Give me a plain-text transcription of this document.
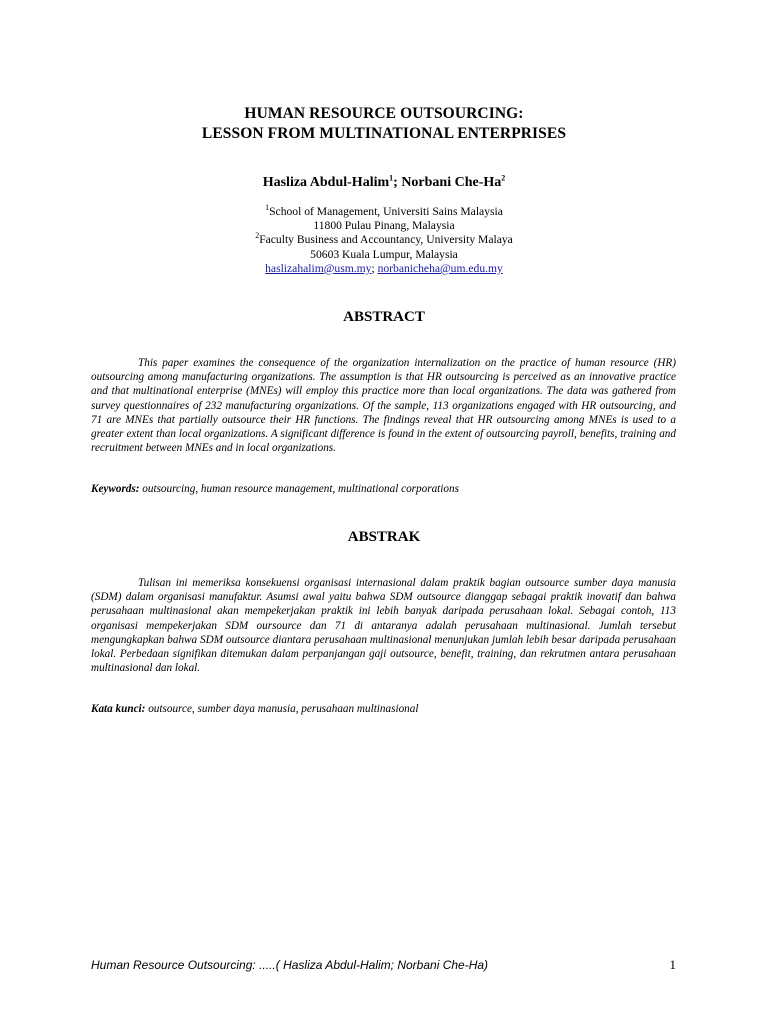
HUMAN RESOURCE OUTSOURCING:
LESSON FROM MULTINATIONAL ENTERPRISES
Hasliza Abdul-Halim$^1$; Norbani Che-Ha$^2$
$^1$School of Management, Universiti Sains Malaysia
11800 Pulau Pinang, Malaysia
$^2$Faculty Business and Accountancy, University Malaya
50603 Kuala Lumpur, Malaysia
haslizahalim@usm.my; norbanicheha@um.edu.my
ABSTRACT
This paper examines the consequence of the organization internalization on the practice of human resource (HR) outsourcing among manufacturing organizations. The assumption is that HR outsourcing is perceived as an innovative practice and that multinational enterprise (MNEs) will employ this practice more than local organizations. The data was gathered from survey questionnaires of 232 manufacturing organizations. Of the sample, 113 organizations engaged with HR outsourcing, and 71 are MNEs that partially outsource their HR functions. The findings reveal that HR outsourcing among MNEs is used to a greater extent than local organizations. A significant difference is found in the extent of outsourcing payroll, benefits, training and recruitment between MNEs and in local organizations.
Keywords: outsourcing, human resource management, multinational corporations
ABSTRAK
Tulisan ini memeriksa konsekuensi organisasi internasional dalam praktik bagian outsource sumber daya manusia (SDM) dalam organisasi manufaktur. Asumsi awal yaitu bahwa SDM outsource dianggap sebagai praktik inovatif dan bahwa perusahaan multinasional akan mempekerjakan praktik ini lebih banyak daripada perusahaan lokal. Sebagai contoh, 113 organisasi mempekerjakan SDM oursource dan 71 di antaranya adalah perusahaan multinasional. Jumlah tersebut mengungkapkan bahwa SDM outsource diantara perusahaan multinasional menunjukan jumlah lebih besar daripada perusahaan lokal. Perbedaan signifikan ditemukan dalam perpanjangan gaji outsource, benefit, training, dan rekrutmen antara perusahaan multinasional dan lokal.
Kata kunci: outsource, sumber daya manusia, perusahaan multinasional
Human Resource Outsourcing: .....( Hasliza Abdul-Halim; Norbani Che-Ha)	1
